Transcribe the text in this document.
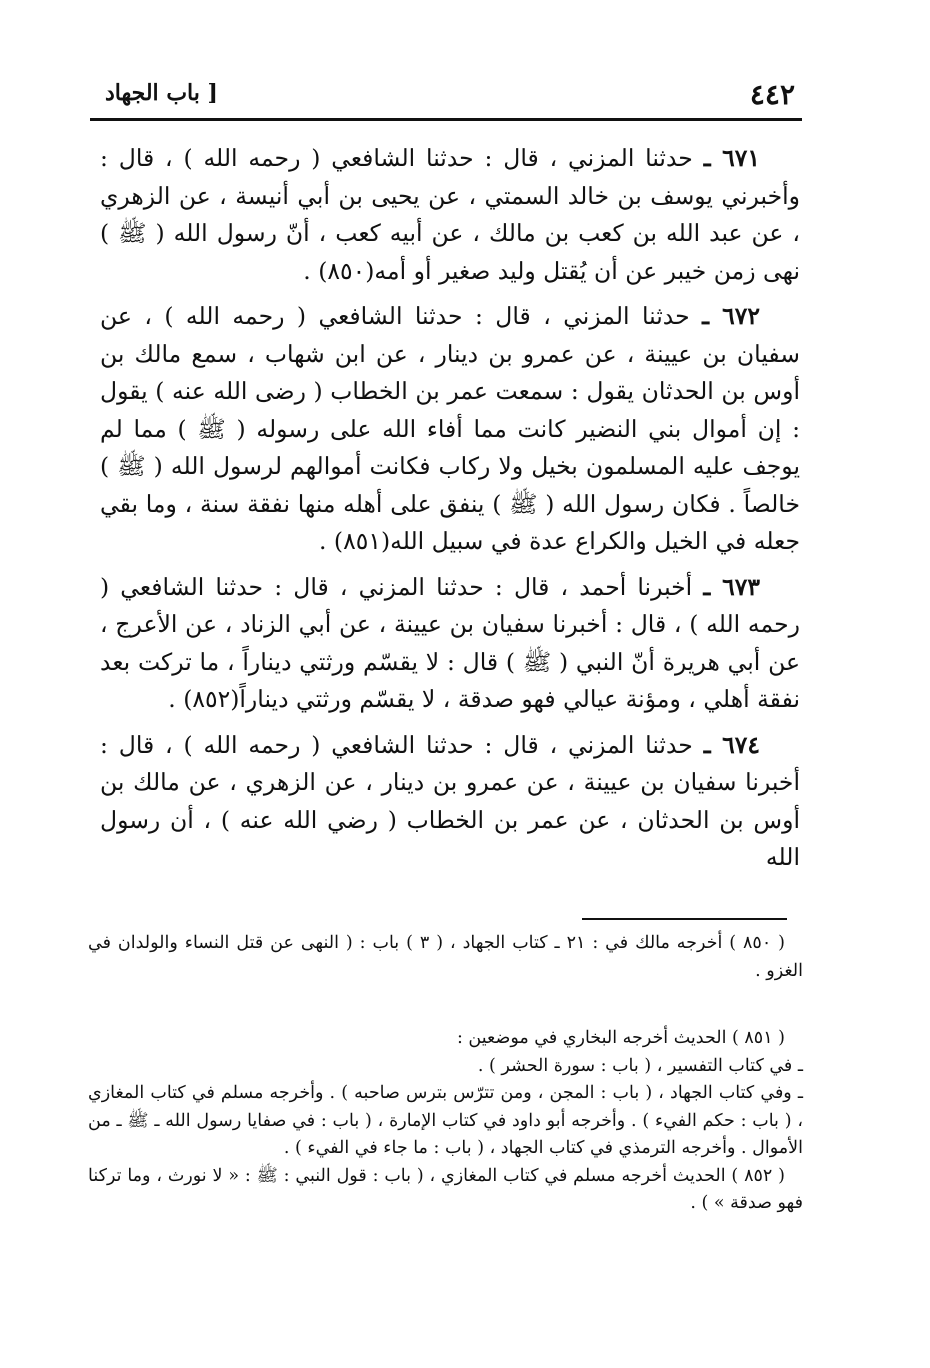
٤٤٢
[ باب الجهاد

٦٧١ ـ حدثنا المزني ، قال : حدثنا الشافعي ( رحمه الله ) ، قال : وأخبرني يوسف بن خالد السمتي ، عن يحيى بن أبي أنيسة ، عن الزهري ، عن عبد الله بن كعب بن مالك ، عن أبيه كعب ، أنّ رسول الله ( ﷺ ) نهى زمن خيبر عن أن يُقتل وليد صغير أو أمه(٨٥٠) .

٦٧٢ ـ حدثنا المزني ، قال : حدثنا الشافعي ( رحمه الله ) ، عن سفيان بن عيينة ، عن عمرو بن دينار ، عن ابن شهاب ، سمع مالك بن أوس بن الحدثان يقول : سمعت عمر بن الخطاب ( رضى الله عنه ) يقول : إن أموال بني النضير كانت مما أفاء الله على رسوله ( ﷺ ) مما لم يوجف عليه المسلمون بخيل ولا ركاب فكانت أموالهم لرسول الله ( ﷺ ) خالصاً . فكان رسول الله ( ﷺ ) ينفق على أهله منها نفقة سنة ، وما بقي جعله في الخيل والكراع عدة في سبيل الله(٨٥١) .

٦٧٣ ـ أخبرنا أحمد ، قال : حدثنا المزني ، قال : حدثنا الشافعي ( رحمه الله ) ، قال : أخبرنا سفيان بن عيينة ، عن أبي الزناد ، عن الأعرج ، عن أبي هريرة أنّ النبي ( ﷺ ) قال : لا يقسّم ورثتي ديناراً ، ما تركت بعد نفقة أهلي ، ومؤنة عيالي فهو صدقة ، لا يقسّم ورثتي ديناراً(٨٥٢) .

٦٧٤ ـ حدثنا المزني ، قال : حدثنا الشافعي ( رحمه الله ) ، قال : أخبرنا سفيان بن عيينة ، عن عمرو بن دينار ، عن الزهري ، عن مالك بن أوس بن الحدثان ، عن عمر بن الخطاب ( رضي الله عنه ) ، أن رسول الله

( ٨٥٠ ) أخرجه مالك في : ٢١ ـ كتاب الجهاد ، ( ٣ ) باب : ( النهى عن قتل النساء والولدان في الغزو .

( ٨٥١ ) الحديث أخرجه البخاري في موضعين :

ـ في كتاب التفسير ، ( باب : سورة الحشر ) .

ـ وفي كتاب الجهاد ، ( باب : المجن ، ومن تترّس بترس صاحبه ) . وأخرجه مسلم في كتاب المغازي ، ( باب : حكم الفيء ) . وأخرجه أبو داود في كتاب الإمارة ، ( باب : في صفايا رسول الله ـ ﷺ ـ من الأموال . وأخرجه الترمذي في كتاب الجهاد ، ( باب : ما جاء في الفيء ) .

( ٨٥٢ ) الحديث أخرجه مسلم في كتاب المغازي ، ( باب : قول النبي : ﷺ : « لا نورث ، وما تركنا فهو صدقة » ) .
